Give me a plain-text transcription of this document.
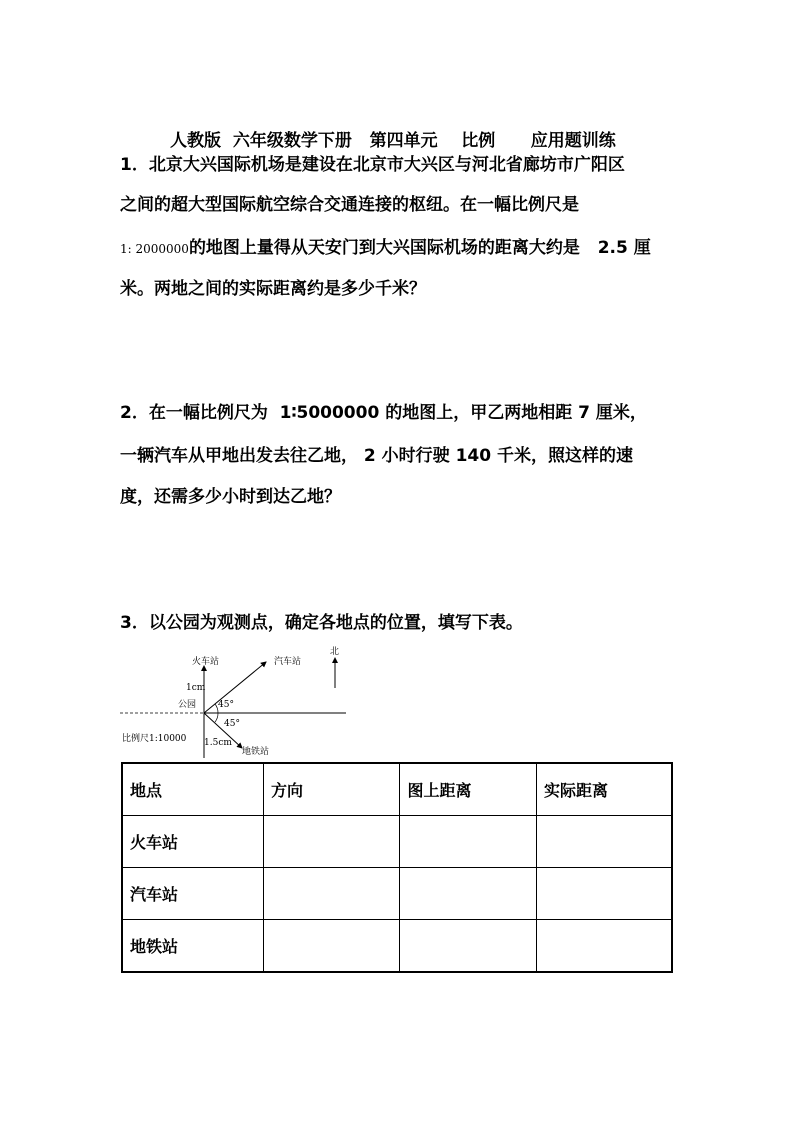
人教版  六年级数学下册   第四单元    比例      应用题训练

1．北京大兴国际机场是建设在北京市大兴区与河北省廊坊市广阳区
之间的超大型国际航空综合交通连接的枢纽。在一幅比例尺是
1: 2000000的地图上量得从天安门到大兴国际机场的距离大约是   2.5 厘
米。两地之间的实际距离约是多少千米？
2．在一幅比例尺为  1∶5000000 的地图上，甲乙两地相距 7 厘米，
一辆汽车从甲地出发去往乙地， 2 小时行驶 140 千米，照这样的速
度，还需多少小时到达乙地？
3．以公园为观测点，确定各地点的位置，填写下表。
火车站	汽车站
北
1cm
公园 45°
45°
比例尺1:10000 1.5cm
地铁站
地点	方向	图上距离	实际距离
火车站			
汽车站			
地铁站			
